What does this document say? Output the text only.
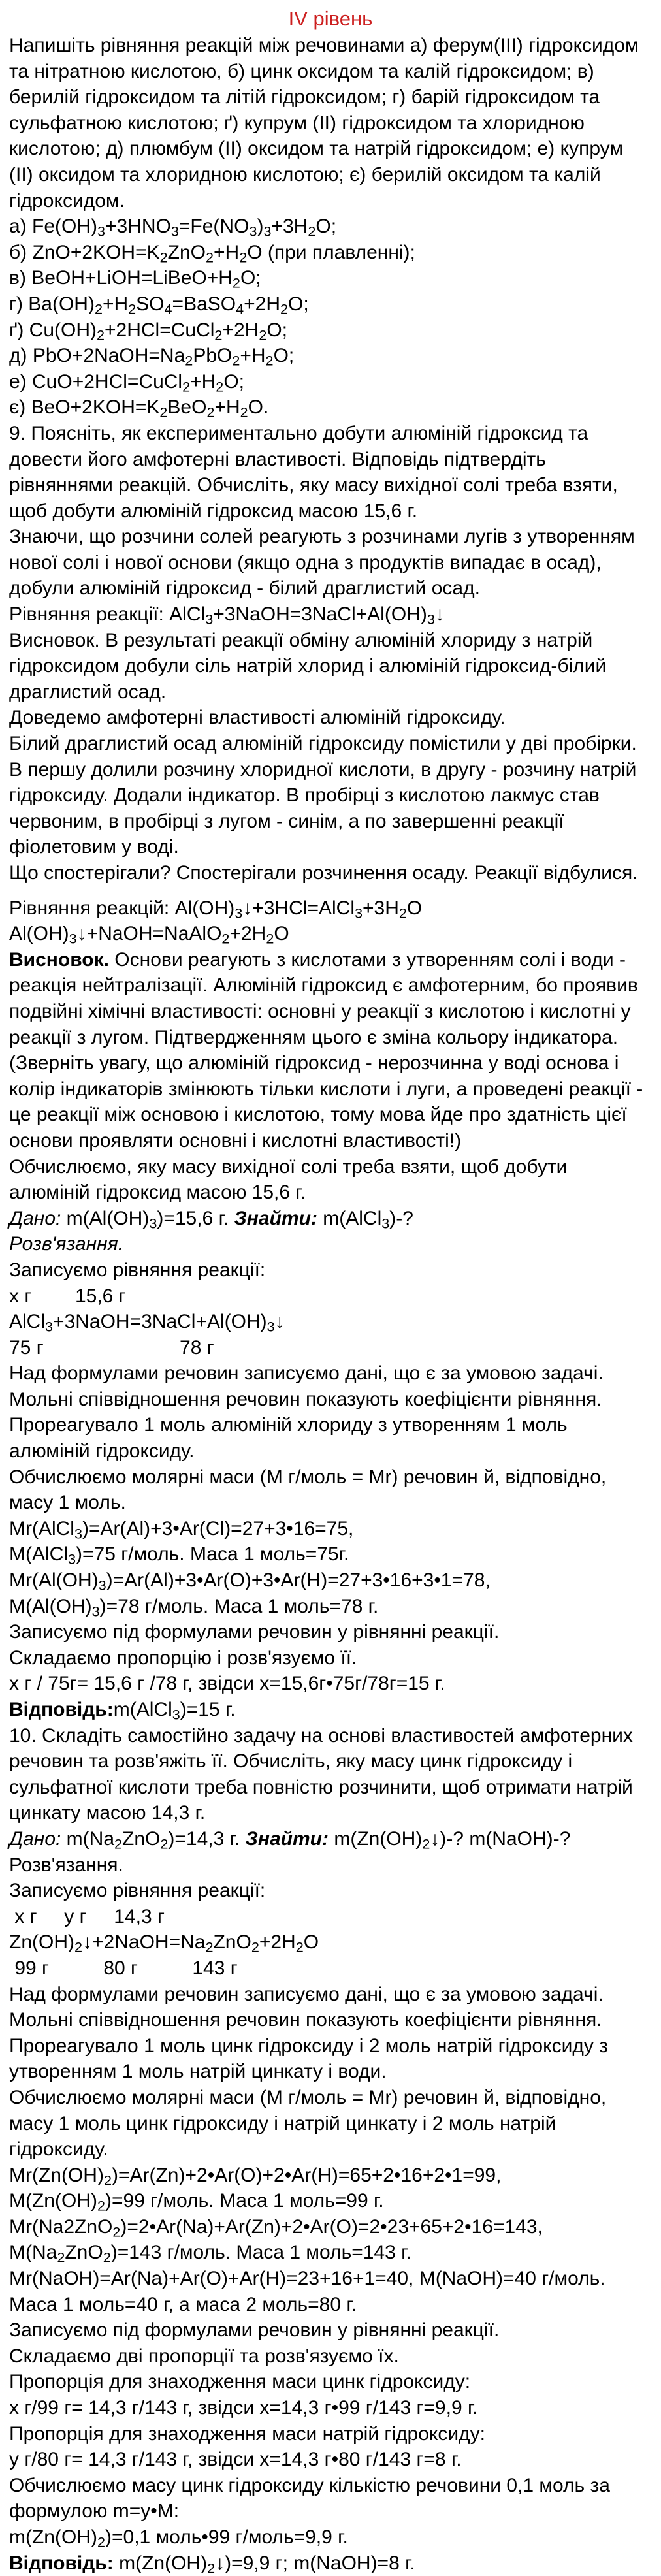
IV рівень

Напишіть рівняння реакцій між речовинами а) ферум(III) гідроксидом та нітратною кислотою, б) цинк оксидом та калій гідроксидом; в) берилій гідроксидом та літій гідроксидом; г) барій гідроксидом та сульфатною кислотою; ґ) купрум (II) гідроксидом та хлоридною кислотою; д) плюмбум (II) оксидом та натрій гідроксидом; е) купрум (II) оксидом та хлоридною кислотою; є) берилій оксидом та калій гідроксидом.

а) $Fe(OH)_3+3HNO_3=Fe(NO_3)_3+3H_2O$;

б) $ZnO+2KOH=K_2ZnO_2+H_2O$ (при плавленні);

в) $BeOH+LiOH=LiBeO+H_2O$;

г) $Ba(OH)_2+H_2SO_4=BaSO_4+2H_2O$;

ґ) $Cu(OH)_2+2HCl=CuCl_2+2H_2O$;

д) $PbO+2NaOH=Na_2PbO_2+H_2O$;

е) $CuO+2HCl=CuCl_2+H_2O$;

є) $BeO+2KOH=K_2BeO_2+H_2O$.

9. Поясніть, як експериментально добути алюміній гідроксид та довести його амфотерні властивості. Відповідь підтвердіть рівняннями реакцій. Обчисліть, яку масу вихідної солі треба взяти, щоб добути алюміній гідроксид масою 15,6 г.

Знаючи, що розчини солей реагують з розчинами лугів з утворенням нової солі і нової основи (якщо одна з продуктів випадає в осад), добули алюміній гідроксид - білий драглистий осад.

Рівняння реакції: $AlCl_3+3NaOH=3NaCl+Al(OH)_3↓$

Висновок. В результаті реакції обміну алюміній хлориду з натрій гідроксидом добули сіль натрій хлорид і алюміній гідроксид-білий драглистий осад.

Доведемо амфотерні властивості алюміній гідроксиду.

Білий драглистий осад алюміній гідроксиду помістили у дві пробірки. В першу долили розчину хлоридної кислоти, в другу - розчину натрій гідроксиду. Додали індикатор. В пробірці з кислотою лакмус став червоним, в пробірці з лугом - синім, а по завершенні реакції фіолетовим у воді.

Що спостерігали? Спостерігали розчинення осаду. Реакції відбулися.

Рівняння реакцій: $Al(OH)_3↓+3HCl=AlCl_3+3H_2O$

$Al(OH)_3↓+NaOH=NaAlO_2+2H_2O$

Висновок. Основи реагують з кислотами з утворенням солі і води - реакція нейтралізації. Алюміній гідроксид є амфотерним, бо проявив подвійні хімічні властивості: основні у реакції з кислотою і кислотні у реакції з лугом. Підтвердженням цього є зміна кольору індикатора. (Зверніть увагу, що алюміній гідроксид - нерозчинна у воді основа і колір індикаторів змінюють тільки кислоти і луги, а проведені реакції - це реакції між основою і кислотою, тому мова йде про здатність цієї основи проявляти основні і кислотні властивості!)

Обчислюємо, яку масу вихідної солі треба взяти, щоб добути алюміній гідроксид масою 15,6 г.

Дано: $m(Al(OH)_3)=15,6$ г. Знайти: m(AlCl$_3$)-?

Розв'язання.

Записуємо рівняння реакції:

х г        15,6 г

$AlCl_3+3NaOH=3NaCl+Al(OH)_3↓$

75 г                         78 г

Над формулами речовин записуємо дані, що є за умовою задачі. Мольні співвідношення речовин показують коефіцієнти рівняння. Прореагувало 1 моль алюміній хлориду з утворенням 1 моль алюміній гідроксиду.

Обчислюємо молярні маси (M г/моль = Mr) речовин й, відповідно, масу 1 моль.

Mr(AlCl$_3$)=Ar(Al)+3•Ar(Cl)=27+3•16=75,

M(AlCl$_3$)=75 г/моль. Маса 1 моль=75г.

$Mr(Al(OH)_3)=Ar(Al)+3•Ar(O)+3•Ar(H)=27+3•16+3•1=78$,

$M(Al(OH)_3)=78$ г/моль. Маса 1 моль=78 г.

Записуємо під формулами речовин у рівнянні реакції.

Складаємо пропорцію і розв'язуємо її.

х г / 75г= 15,6 г /78 г, звідси х=15,6г•75г/78г=15 г.

Відповідь:m(AlCl$_3$)=15 г.

10. Складіть самостійно задачу на основі властивостей амфотерних речовин та розв'яжіть її. Обчисліть, яку масу цинк гідроксиду і сульфатної кислоти треба повністю розчинити, щоб отримати натрій цинкату масою 14,3 г.

Дано: $m(Na_2ZnO_2)=14,3$ г. Знайти: $m(Zn(OH)_2↓)-$? m(NaOH)-?

Розв'язання.

Записуємо рівняння реакції:

х г     у г     14,3 г

$Zn(OH)_2↓+2NaOH=Na_2ZnO_2+2H_2O$

99 г          80 г          143 г

Над формулами речовин записуємо дані, що є за умовою задачі. Мольні співвідношення речовин показують коефіцієнти рівняння. Прореагувало 1 моль цинк гідроксиду і 2 моль натрій гідроксиду з утворенням 1 моль натрій цинкату і води.

Обчислюємо молярні маси (M г/моль = Mr) речовин й, відповідно, масу 1 моль цинк гідроксиду і натрій цинкату і 2 моль натрій гідроксиду.

$Mr(Zn(OH)_2)=Ar(Zn)+2•Ar(O)+2•Ar(H)=65+2•16+2•1=99$,

$M(Zn(OH)_2)=99$ г/моль. Маса 1 моль=99 г.

Mr(Na2ZnO$_2$)=2•Ar(Na)+Ar(Zn)+2•Ar(O)=2•23+65+2•16=143,

$M(Na_2ZnO_2)=143$ г/моль. Маса 1 моль=143 г.

Mr(NaOH)=Ar(Na)+Ar(O)+Ar(H)=23+16+1=40, M(NaOH)=40 г/моль.

Маса 1 моль=40 г, а маса 2 моль=80 г.

Записуємо під формулами речовин у рівнянні реакції.

Складаємо дві пропорції та розв'язуємо їх.

Пропорція для знаходження маси цинк гідроксиду:

х г/99 г= 14,3 г/143 г, звідси х=14,3 г•99 г/143 г=9,9 г.

Пропорція для знаходження маси натрій гідроксиду:

у г/80 г= 14,3 г/143 г, звідси х=14,3 г•80 г/143 г=8 г.

Обчислюємо масу цинк гідроксиду кількістю речовини 0,1 моль за формулою m=y•M:

$m(Zn(OH)_2)=0,1$ моль•99 г/моль=9,9 г.

Відповідь: $m(Zn(OH)_2↓)=9,9$ г; m(NaOH)=8 г.
